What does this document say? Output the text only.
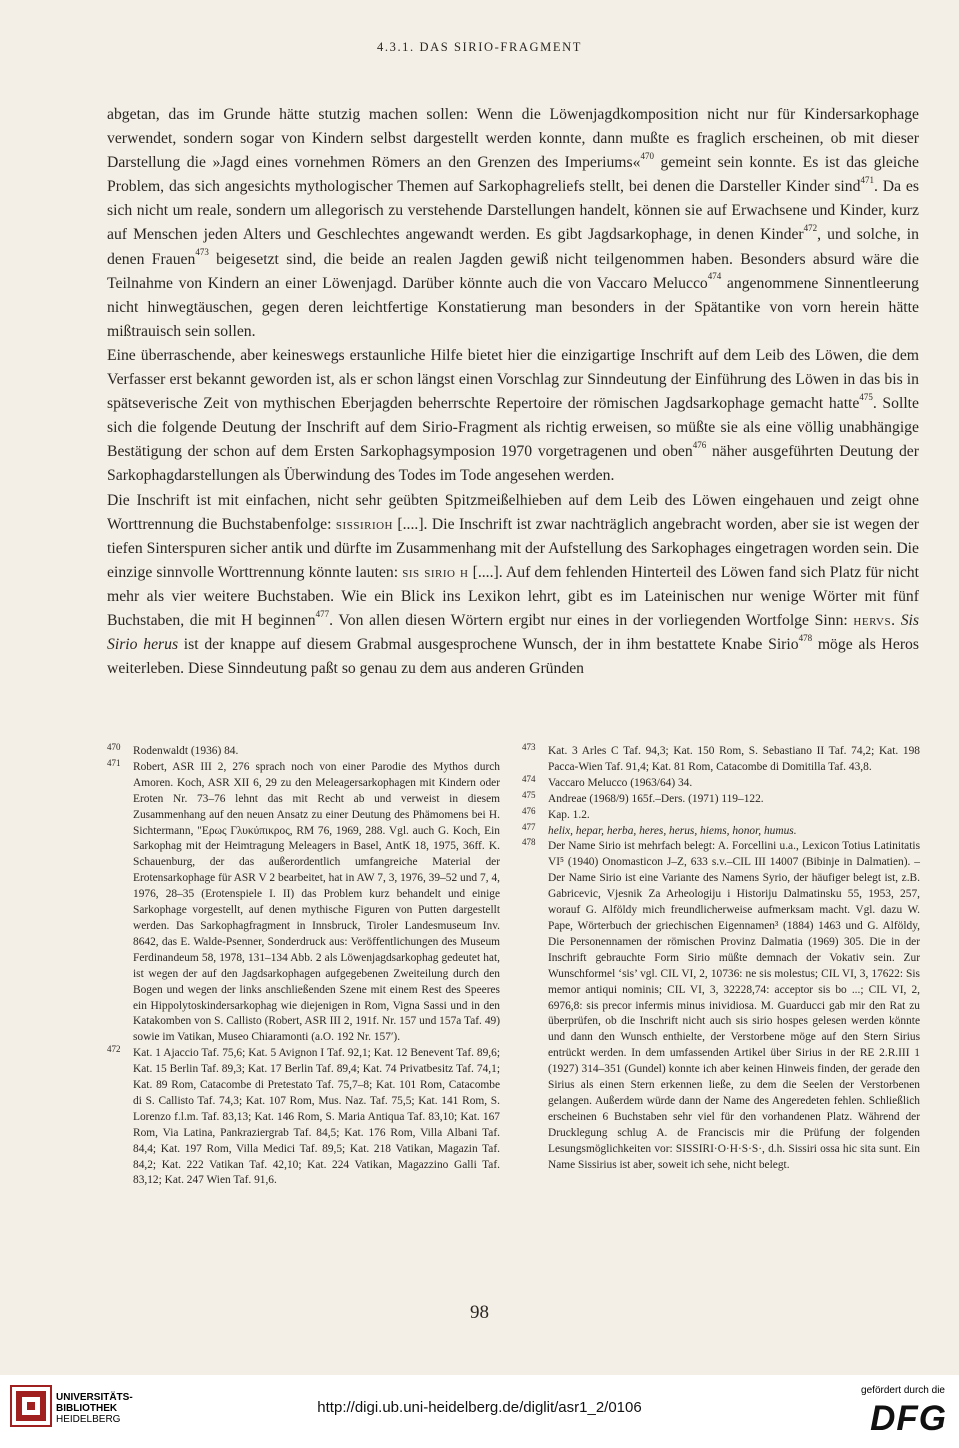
4.3.1. DAS SIRIO-FRAGMENT

abgetan, das im Grunde hätte stutzig machen sollen: Wenn die Löwenjagdkomposition nicht nur für Kindersarkophage verwendet, sondern sogar von Kindern selbst dargestellt werden konnte, dann mußte es fraglich erscheinen, ob mit dieser Darstellung die »Jagd eines vornehmen Römers an den Grenzen des Imperiums«$^{470}$ gemeint sein konnte. Es ist das gleiche Problem, das sich angesichts mythologischer Themen auf Sarkophagreliefs stellt, bei denen die Darsteller Kinder sind$^{471}$. Da es sich nicht um reale, sondern um allegorisch zu verstehende Darstellungen handelt, können sie auf Erwachsene und Kinder, kurz auf Menschen jeden Alters und Geschlechtes angewandt werden. Es gibt Jagdsarkophage, in denen Kinder$^{472}$, und solche, in denen Frauen$^{473}$ beigesetzt sind, die beide an realen Jagden gewiß nicht teilgenommen haben. Besonders absurd wäre die Teilnahme von Kindern an einer Löwenjagd. Darüber könnte auch die von Vaccaro Melucco$^{474}$ angenommene Sinnentleerung nicht hinwegtäuschen, gegen deren leichtfertige Konstatierung man besonders in der Spätantike von vorn herein hätte mißtrauisch sein sollen.

Eine überraschende, aber keineswegs erstaunliche Hilfe bietet hier die einzigartige Inschrift auf dem Leib des Löwen, die dem Verfasser erst bekannt geworden ist, als er schon längst einen Vorschlag zur Sinndeutung der Einführung des Löwen in das bis in spätseverische Zeit von mythischen Eberjagden beherrschte Repertoire der römischen Jagdsarkophage gemacht hatte$^{475}$. Sollte sich die folgende Deutung der Inschrift auf dem Sirio-Fragment als richtig erweisen, so müßte sie als eine völlig unabhängige Bestätigung der schon auf dem Ersten Sarkophagsymposion 1970 vorgetragenen und oben$^{476}$ näher ausgeführten Deutung der Sarkophagdarstellungen als Überwindung des Todes im Tode angesehen werden.

Die Inschrift ist mit einfachen, nicht sehr geübten Spitzmeißelhieben auf dem Leib des Löwen eingehauen und zeigt ohne Worttrennung die Buchstabenfolge: sissirioh [....]. Die Inschrift ist zwar nachträglich angebracht worden, aber sie ist wegen der tiefen Sinterspuren sicher antik und dürfte im Zusammenhang mit der Aufstellung des Sarkophages eingetragen worden sein. Die einzige sinnvolle Worttrennung könnte lauten: sis sirio h [....]. Auf dem fehlenden Hinterteil des Löwen fand sich Platz für nicht mehr als vier weitere Buchstaben. Wie ein Blick ins Lexikon lehrt, gibt es im Lateinischen nur wenige Wörter mit fünf Buchstaben, die mit H beginnen$^{477}$. Von allen diesen Wörtern ergibt nur eines in der vorliegenden Wortfolge Sinn: hervs. Sis Sirio herus ist der knappe auf diesem Grabmal ausgesprochene Wunsch, der in ihm bestattete Knabe Sirio$^{478}$ möge als Heros weiterleben. Diese Sinndeutung paßt so genau zu dem aus anderen Gründen

470 Rodenwaldt (1936) 84.

471 Robert, ASR III 2, 276 sprach noch von einer Parodie des Mythos durch Amoren. Koch, ASR XII 6, 29 zu den Meleagersarkophagen mit Kindern oder Eroten Nr. 73–76 lehnt das mit Recht ab und verweist in diesem Zusammenhang auf den neuen Ansatz zu einer Deutung des Phämomens bei H. Sichtermann, "Ερως Γλυκύπικρος, RM 76, 1969, 288. Vgl. auch G. Koch, Ein Sarkophag mit der Heimtragung Meleagers in Basel, AntK 18, 1975, 36ff. K. Schauenburg, der das außerordentlich umfangreiche Material der Erotensarkophage für ASR V 2 bearbeitet, hat in AW 7, 3, 1976, 39–52 und 7, 4, 1976, 28–35 (Erotenspiele I. II) das Problem kurz behandelt und einige Sarkophage vorgestellt, auf denen mythische Figuren von Putten dargestellt werden. Das Sarkophagfragment in Innsbruck, Tiroler Landesmuseum Inv. 8642, das E. Walde-Psenner, Sonderdruck aus: Veröffentlichungen des Museum Ferdinandeum 58, 1978, 131–134 Abb. 2 als Löwenjagdsarkophag gedeutet hat, ist wegen der auf den Jagdsarkophagen aufgegebenen Zweiteilung durch den Bogen und wegen der links anschließenden Szene mit einem Rest des Speeres ein Hippolytoskindersarkophag wie diejenigen in Rom, Vigna Sassi und in den Katakomben von S. Callisto (Robert, ASR III 2, 191f. Nr. 157 und 157a Taf. 49) sowie im Vatikan, Museo Chiaramonti (a.O. 192 Nr. 157′).

472 Kat. 1 Ajaccio Taf. 75,6; Kat. 5 Avignon I Taf. 92,1; Kat. 12 Benevent Taf. 89,6; Kat. 15 Berlin Taf. 89,3; Kat. 17 Berlin Taf. 89,4; Kat. 74 Privatbesitz Taf. 74,1; Kat. 89 Rom, Catacombe di Pretestato Taf. 75,7–8; Kat. 101 Rom, Catacombe di S. Callisto Taf. 74,3; Kat. 107 Rom, Mus. Naz. Taf. 75,5; Kat. 141 Rom, S. Lorenzo f.l.m. Taf. 83,13; Kat. 146 Rom, S. Maria Antiqua Taf. 83,10; Kat. 167 Rom, Via Latina, Pankraziergrab Taf. 84,5; Kat. 176 Rom, Villa Albani Taf. 84,4; Kat. 197 Rom, Villa Medici Taf. 89,5; Kat. 218 Vatikan, Magazin Taf. 84,2; Kat. 222 Vatikan Taf. 42,10; Kat. 224 Vatikan, Magazzino Galli Taf. 83,12; Kat. 247 Wien Taf. 91,6.

473 Kat. 3 Arles C Taf. 94,3; Kat. 150 Rom, S. Sebastiano II Taf. 74,2; Kat. 198 Pacca-Wien Taf. 91,4; Kat. 81 Rom, Catacombe di Domitilla Taf. 43,8.

474 Vaccaro Melucco (1963/64) 34.

475 Andreae (1968/9) 165f.–Ders. (1971) 119–122.

476 Kap. 1.2.

477 helix, hepar, herba, heres, herus, hiems, honor, humus.

478 Der Name Sirio ist mehrfach belegt: A. Forcellini u.a., Lexicon Totius Latinitatis VI⁵ (1940) Onomasticon J–Z, 633 s.v.–CIL III 14007 (Bibinje in Dalmatien). – Der Name Sirio ist eine Variante des Namens Syrio, der häufiger belegt ist, z.B. Gabricevic, Vjesnik Za Arheologiju i Historiju Dalmatinsku 55, 1953, 257, worauf G. Alföldy mich freundlicherweise aufmerksam macht. Vgl. dazu W. Pape, Wörterbuch der griechischen Eigennamen³ (1884) 1463 und G. Alföldy, Die Personennamen der römischen Provinz Dalmatia (1969) 305. Die in der Inschrift gebrauchte Form Sirio müßte demnach der Vokativ sein. Zur Wunschformel ‘sis’ vgl. CIL VI, 2, 10736: ne sis molestus; CIL VI, 3, 17622: Sis memor antiqui nominis; CIL VI, 3, 32228,74: acceptor sis bo ...; CIL VI, 2, 6976,8: sis precor infermis minus inividiosa. M. Guarducci gab mir den Rat zu überprüfen, ob die Inschrift nicht auch sis sirio hospes gelesen werden könnte und dann den Wunsch enthielte, der Verstorbene möge auf den Stern Sirius entrückt werden. In dem umfassenden Artikel über Sirius in der RE 2.R.III 1 (1927) 314–351 (Gundel) konnte ich aber keinen Hinweis finden, der gerade den Sirius als einen Stern erkennen ließe, zu dem die Seelen der Verstorbenen gelangen. Außerdem würde dann der Name des Angeredeten fehlen. Schließlich erscheinen 6 Buchstaben sehr viel für den vorhandenen Platz. Während der Drucklegung schlug A. de Franciscis mir die Prüfung der folgenden Lesungsmöglichkeiten vor: SISSIRI·O·H·S·S·, d.h. Sissiri ossa hic sita sunt. Ein Name Sissirius ist aber, soweit ich sehe, nicht belegt.

98
UNIVERSITÄTS-
BIBLIOTHEK
HEIDELBERG
http://digi.ub.uni-heidelberg.de/diglit/asr1_2/0106
gefördert durch die
DFG
